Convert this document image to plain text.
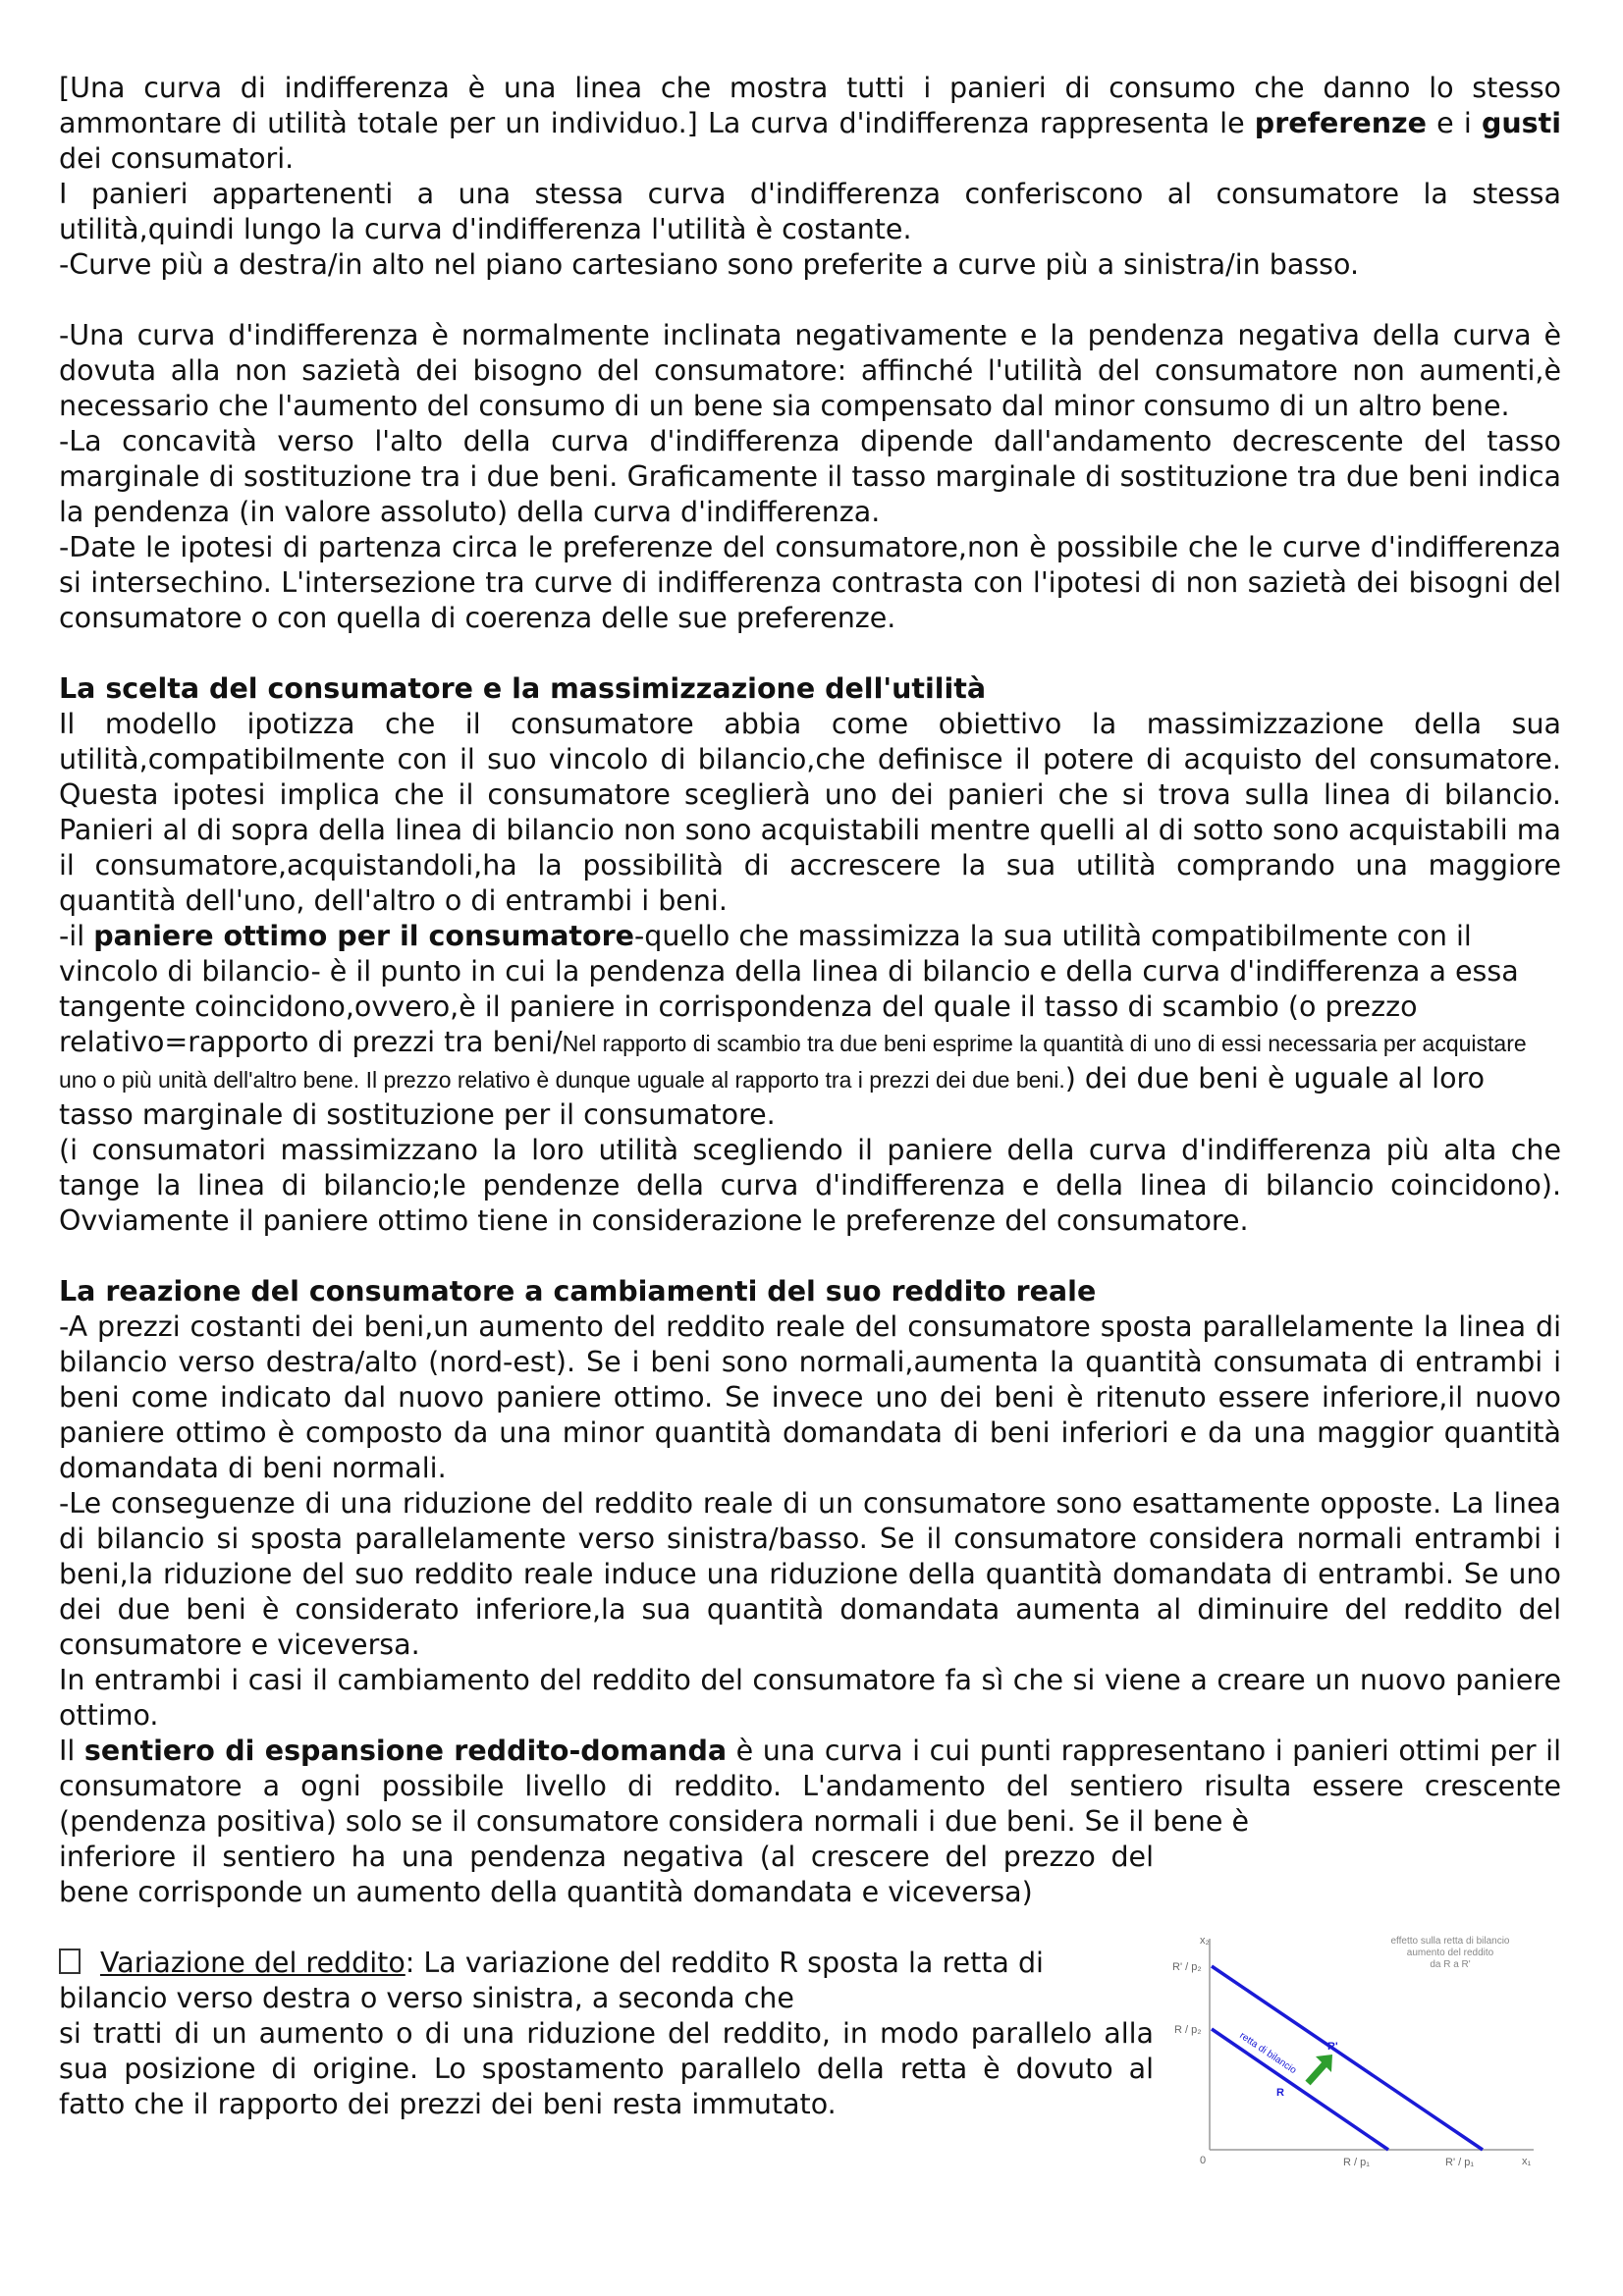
[Una curva di indifferenza è una linea che mostra tutti i panieri di consumo che danno lo stesso ammontare di utilità totale per un individuo.] La curva d'indifferenza rappresenta le preferenze e i gusti dei consumatori.

I panieri appartenenti a una stessa curva d'indifferenza conferiscono al consumatore la stessa utilità,quindi lungo la curva d'indifferenza l'utilità è costante.

-Curve più a destra/in alto nel piano cartesiano sono preferite a curve più a sinistra/in basso.

-Una curva d'indifferenza è normalmente inclinata negativamente e la pendenza negativa della curva è dovuta alla non sazietà dei bisogno del consumatore: affinché l'utilità del consumatore non aumenti,è necessario che l'aumento del consumo di un bene sia compensato dal minor consumo di un altro bene.

-La concavità verso l'alto della curva d'indifferenza dipende dall'andamento decrescente del tasso marginale di sostituzione tra i due beni. Graficamente il tasso marginale di sostituzione tra due beni indica la pendenza (in valore assoluto) della curva d'indifferenza.

-Date le ipotesi di partenza circa le preferenze del consumatore,non è possibile che le curve d'indifferenza si intersechino. L'intersezione tra curve di indifferenza contrasta con l'ipotesi di non sazietà dei bisogni del consumatore o con quella di coerenza delle sue preferenze.

La scelta del consumatore e la massimizzazione dell'utilità

Il modello ipotizza che il consumatore abbia come obiettivo la massimizzazione della sua utilità,compatibilmente con il suo vincolo di bilancio,che definisce il potere di acquisto del consumatore. Questa ipotesi implica che il consumatore sceglierà uno dei panieri che si trova sulla linea di bilancio. Panieri al di sopra della linea di bilancio non sono acquistabili mentre quelli al di sotto sono acquistabili ma il consumatore,acquistandoli,ha la possibilità di accrescere la sua utilità comprando una maggiore quantità dell'uno, dell'altro o di entrambi i beni.

-il paniere ottimo per il consumatore-quello che massimizza la sua utilità compatibilmente con il vincolo di bilancio- è il punto in cui la pendenza della linea di bilancio e della curva d'indifferenza a essa tangente coincidono,ovvero,è il paniere in corrispondenza del quale il tasso di scambio (o prezzo relativo=rapporto di prezzi tra beni/Nel rapporto di scambio tra due beni esprime la quantità di uno di essi necessaria per acquistare uno o più unità dell'altro bene. Il prezzo relativo è dunque uguale al rapporto tra i prezzi dei due beni.) dei due beni è uguale al loro tasso marginale di sostituzione per il consumatore.

(i consumatori massimizzano la loro utilità scegliendo il paniere della curva d'indifferenza più alta che tange la linea di bilancio;le pendenze della curva d'indifferenza e della linea di bilancio coincidono). Ovviamente il paniere ottimo tiene in considerazione le preferenze del consumatore.

La reazione del consumatore a cambiamenti del suo reddito reale

-A prezzi costanti dei beni,un aumento del reddito reale del consumatore sposta parallelamente la linea di bilancio verso destra/alto (nord-est). Se i beni sono normali,aumenta la quantità consumata di entrambi i beni come indicato dal nuovo paniere ottimo. Se invece uno dei beni è ritenuto essere inferiore,il nuovo paniere ottimo è composto da una minor quantità domandata di beni inferiori e da una maggior quantità domandata di beni normali.

-Le conseguenze di una riduzione del reddito reale di un consumatore sono esattamente opposte. La linea di bilancio si sposta parallelamente verso sinistra/basso. Se il consumatore considera normali entrambi i beni,la riduzione del suo reddito reale induce una riduzione della quantità domandata di entrambi. Se uno dei due beni è considerato inferiore,la sua quantità domandata aumenta al diminuire del reddito del consumatore e viceversa.

In entrambi i casi il cambiamento del reddito del consumatore fa sì che si viene a creare un nuovo paniere ottimo.

Il sentiero di espansione reddito-domanda è una curva i cui punti rappresentano i panieri ottimi per il consumatore a ogni possibile livello di reddito. L'andamento del sentiero risulta essere crescente (pendenza positiva) solo se il consumatore considera normali i due beni. Se il bene è

inferiore il sentiero ha una pendenza negativa (al crescere del prezzo del bene corrisponde un aumento della quantità domandata e viceversa)

Variazione del reddito: La variazione del reddito R sposta la retta di bilancio verso destra o verso sinistra, a seconda che

si tratti di un aumento o di una riduzione del reddito, in modo parallelo alla sua posizione di origine. Lo spostamento parallelo della retta è dovuto al fatto che il rapporto dei prezzi dei beni resta immutato.

x₂
x₁
0
R' / p₂
R / p₂
R / p₁	R' / p₁
effetto sulla retta di bilancio
aumento del reddito
da R a R'
retta di bilancio	R'
R
